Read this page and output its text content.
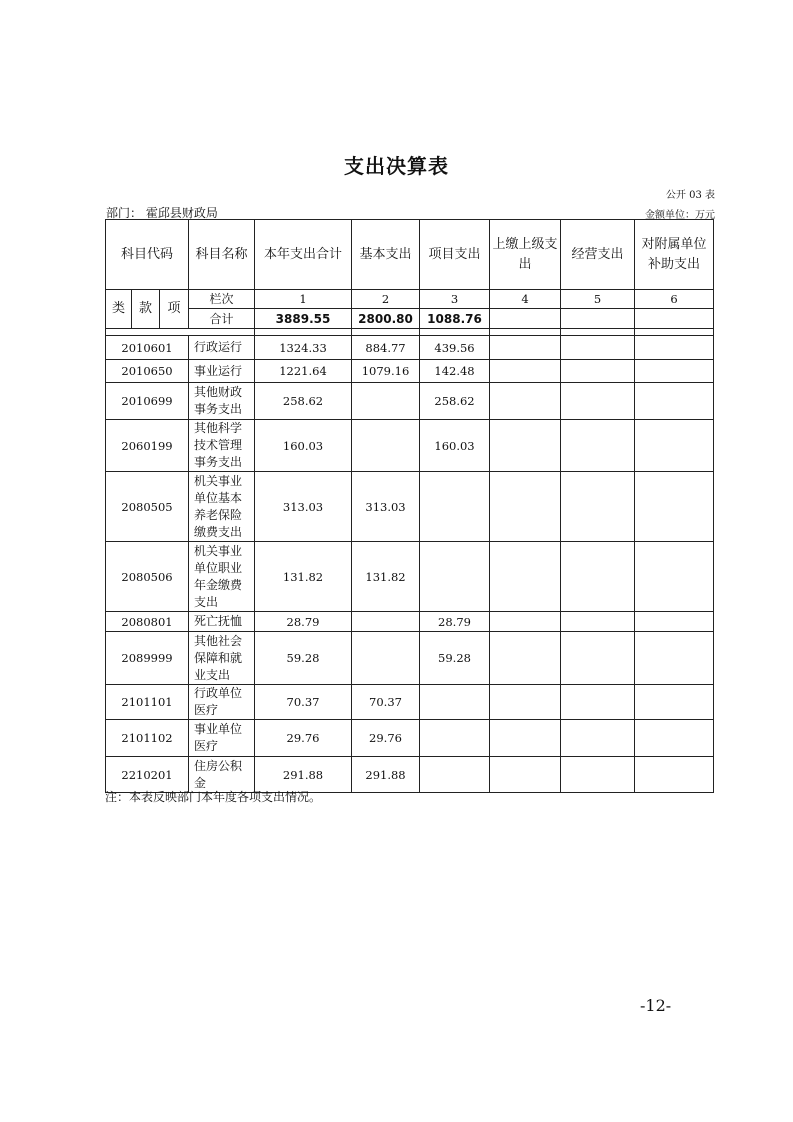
支出决算表
公开 03 表
部门： 霍邱县财政局	金额单位：万元
科目代码			科目名称	本年支出合计	基本支出	项目支出	上缴上级支出	经营支出	对附属单位补助支出
类	款	项	栏次	1	2	3	4	5	6
			合计	3889.55	2800.80	1088.76			

2010601			行政运行	1324.33	884.77	439.56			
2010650			事业运行	1221.64	1079.16	142.48			
2010699			其他财政事务支出	258.62		258.62			
2060199			其他科学技术管理事务支出	160.03		160.03			
2080505			机关事业单位基本养老保险缴费支出	313.03	313.03				
2080506			机关事业单位职业年金缴费支出	131.82	131.82				
2080801			死亡抚恤	28.79		28.79			
2089999			其他社会保障和就业支出	59.28		59.28			
2101101			行政单位医疗	70.37	70.37				
2101102			事业单位医疗	29.76	29.76				
2210201			住房公积金	291.88	291.88				
注：本表反映部门本年度各项支出情况。
-12-
